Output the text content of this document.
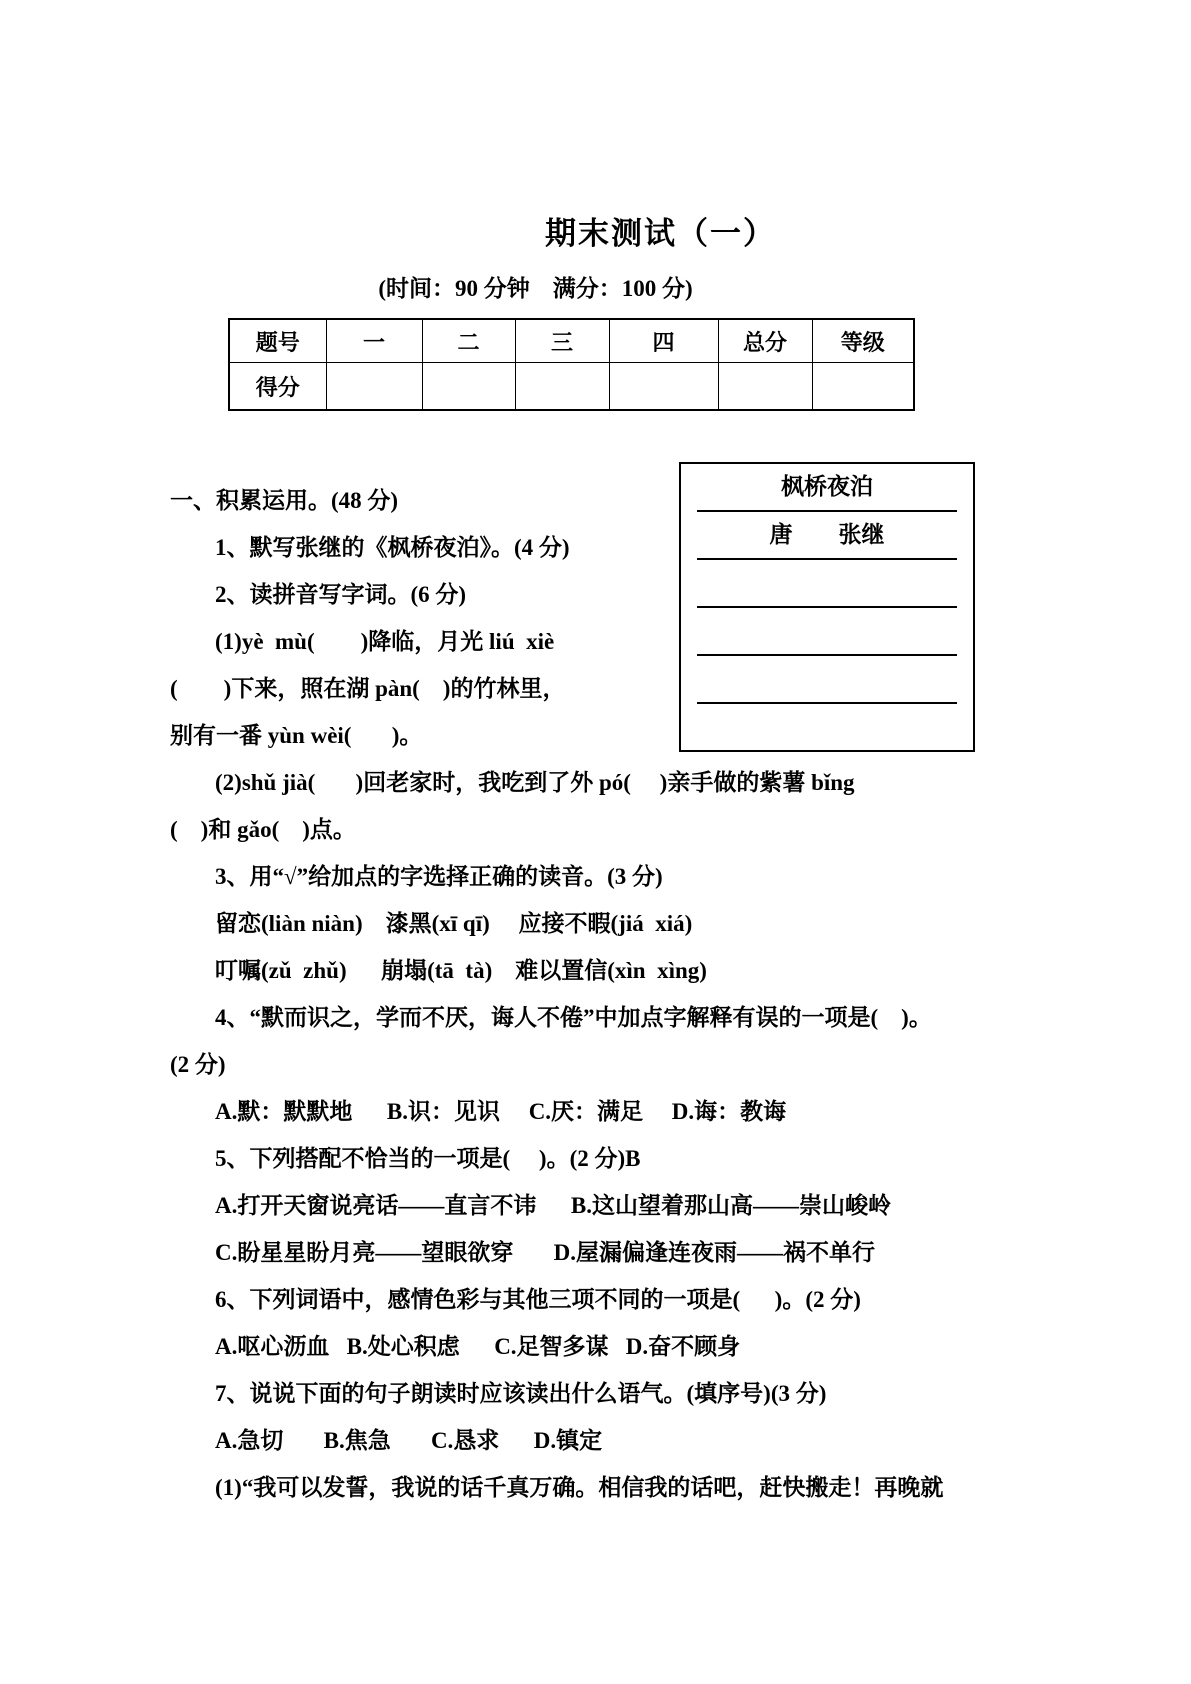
期末测试（一）
(时间：90 分钟　满分：100 分)
题号	一	二	三	四	总分	等级
得分						
枫桥夜泊
唐　　张继
一、积累运用。(48 分)
1、默写张继的《枫桥夜泊》。(4 分)
2、读拼音写字词。(6 分)
(1)yè  mù(        )降临，月光 liú  xiè
(        )下来，照在湖 pàn(    )的竹林里，
别有一番 yùn wèi(       )。
(2)shǔ jià(       )回老家时，我吃到了外 pó(     )亲手做的紫薯 bǐng
(    )和 gǎo(    )点。
3、用“√”给加点的字选择正确的读音。(3 分)
留恋(liàn niàn)    漆黑(xī qī)     应接不暇(jiá  xiá)
叮嘱(zǔ  zhǔ)      崩塌(tā  tà)    难以置信(xìn  xìng)
4、“默而识之，学而不厌，诲人不倦”中加点字解释有误的一项是(    )。
(2 分)
A.默：默默地      B.识：见识     C.厌：满足     D.诲：教诲
5、下列搭配不恰当的一项是(     )。(2 分)B
A.打开天窗说亮话——直言不讳      B.这山望着那山高——崇山峻岭
C.盼星星盼月亮——望眼欲穿       D.屋漏偏逢连夜雨——祸不单行
6、下列词语中，感情色彩与其他三项不同的一项是(      )。(2 分)
A.呕心沥血   B.处心积虑      C.足智多谋   D.奋不顾身
7、说说下面的句子朗读时应该读出什么语气。(填序号)(3 分)
A.急切       B.焦急       C.恳求      D.镇定
(1)“我可以发誓，我说的话千真万确。相信我的话吧，赶快搬走！再晚就
